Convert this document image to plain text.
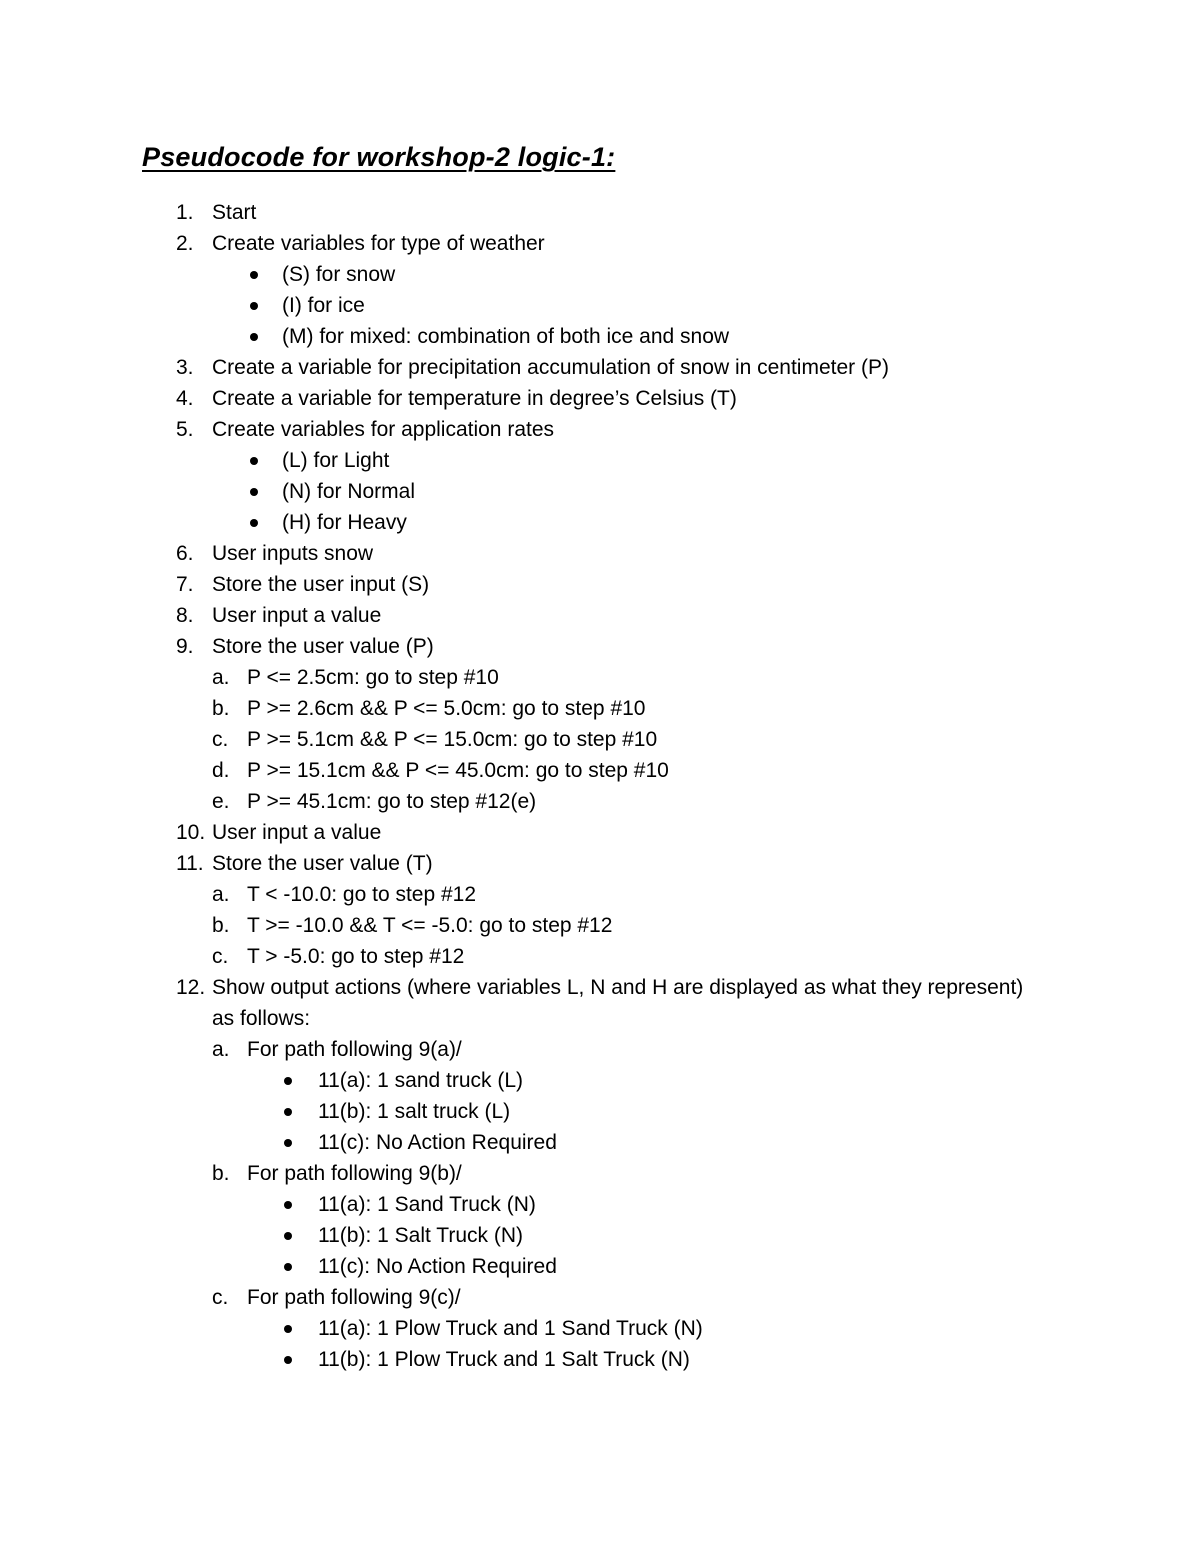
Pseudocode for workshop-2 logic-1:
1. Start
2. Create variables for type of weather
(S) for snow
(I) for ice
(M) for mixed: combination of both ice and snow
3. Create a variable for precipitation accumulation of snow in centimeter (P)
4. Create a variable for temperature in degree’s Celsius (T)
5. Create variables for application rates
(L) for Light
(N) for Normal
(H) for Heavy
6. User inputs snow
7. Store the user input (S)
8. User input a value
9. Store the user value (P)
a. P <= 2.5cm: go to step #10
b. P >= 2.6cm && P <= 5.0cm: go to step #10
c. P >= 5.1cm && P <= 15.0cm: go to step #10
d. P >= 15.1cm && P <= 45.0cm: go to step #10
e. P >= 45.1cm: go to step #12(e)
10. User input a value
11. Store the user value (T)
a. T < -10.0: go to step #12
b. T >= -10.0 && T <= -5.0: go to step #12
c. T > -5.0: go to step #12
12. Show output actions (where variables L, N and H are displayed as what they represent)
as follows:
a. For path following 9(a)/
11(a): 1 sand truck (L)
11(b): 1 salt truck (L)
11(c): No Action Required
b. For path following 9(b)/
11(a): 1 Sand Truck (N)
11(b): 1 Salt Truck (N)
11(c): No Action Required
c. For path following 9(c)/
11(a): 1 Plow Truck and 1 Sand Truck (N)
11(b): 1 Plow Truck and 1 Salt Truck (N)
